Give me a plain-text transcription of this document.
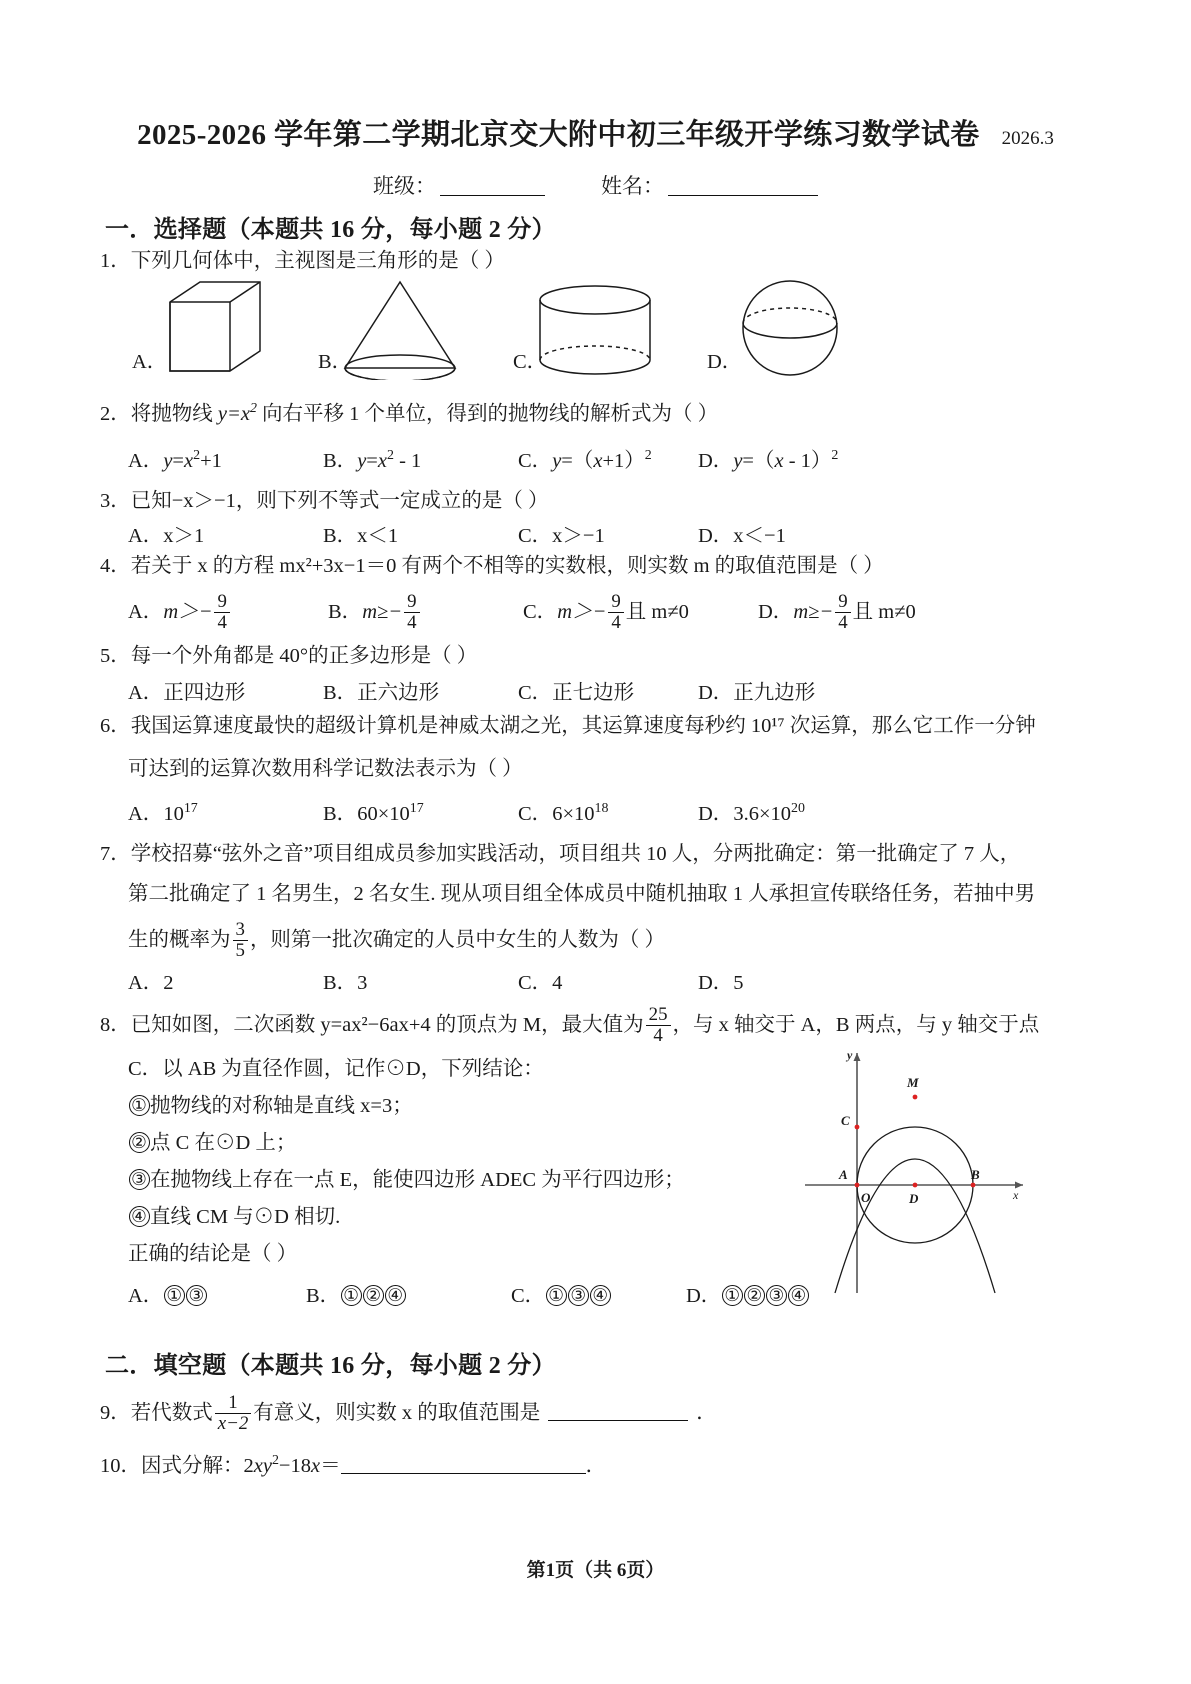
2025-2026 学年第二学期北京交大附中初三年级开学练习数学试卷 2026.3
班级：	姓名：
一．选择题（本题共 16 分，每小题 2 分）
1．下列几何体中，主视图是三角形的是（ ）
A．	B．	C．	D．
2．将抛物线 $y=x^2$ 向右平移 1 个单位，得到的抛物线的解析式为（ ）
A．$y=x^2+1$	B．$y=x^2 - 1$	C．$y=(x+1)^2$ D．y=（x - 1）$^2$
3．已知−x＞−1，则下列不等式一定成立的是（ ）
A．x＞1	B．x＜1	C．x＞−1	D．x＜−1
4．若关于 x 的方程 mx²+3x−1＝0 有两个不相等的实数根，则实数 m 的取值范围是（ ）
A．$m>- \frac{9}{4}$	B．$m\ge- \frac{9}{4}$	C．$m>- \frac{9}{4}$ 且 m≠0	D．$m\ge- \frac{9}{4}$ 且 m≠0
5．每一个外角都是 40°的正多边形是（ ）
A．正四边形	B．正六边形	C．正七边形	D．正九边形
6．我国运算速度最快的超级计算机是神威太湖之光，其运算速度每秒约 10¹⁷ 次运算，那么它工作一分钟
可达到的运算次数用科学记数法表示为（ ）
A．$10^{17}$	B．$60\times 10^{17}$	C．$6\times 10^{18}$	D．$3.6\times 10^{20}$
7．学校招募“弦外之音”项目组成员参加实践活动，项目组共 10 人，分两批确定：第一批确定了 7 人，
第二批确定了 1 名男生，2 名女生. 现从项目组全体成员中随机抽取 1 人承担宣传联络任务，若抽中男
生的概率为 $\frac{3}{5}$ ，则第一批次确定的人员中女生的人数为（ ）
A．2	B．3	C．4	D．5
8．已知如图，二次函数 y=ax²−6ax+4 的顶点为 M，最大值为 $\frac{25}{4}$ ，与 x 轴交于 A，B 两点，与 y 轴交于点
C．以 AB 为直径作圆，记作⊙D，下列结论：
① 抛物线的对称轴是直线 x=3；
② 点 C 在⊙D 上；
③ 在抛物线上存在一点 E，能使四边形 ADEC 为平行四边形；
④ 直线 CM 与⊙D 相切.
正确的结论是（ ）
A． ① ③	B． ① ② ④	C． ① ③ ④	D． ① ② ③ ④
M
C
A	B
O	D	x
y
二．填空题（本题共 16 分，每小题 2 分）
9．若代数式 $\frac{1}{x-2}$ 有意义，则实数 x 的取值范围是	．
10．因式分解：$2xy^2-18x=$	．
第1页（共 6页）
